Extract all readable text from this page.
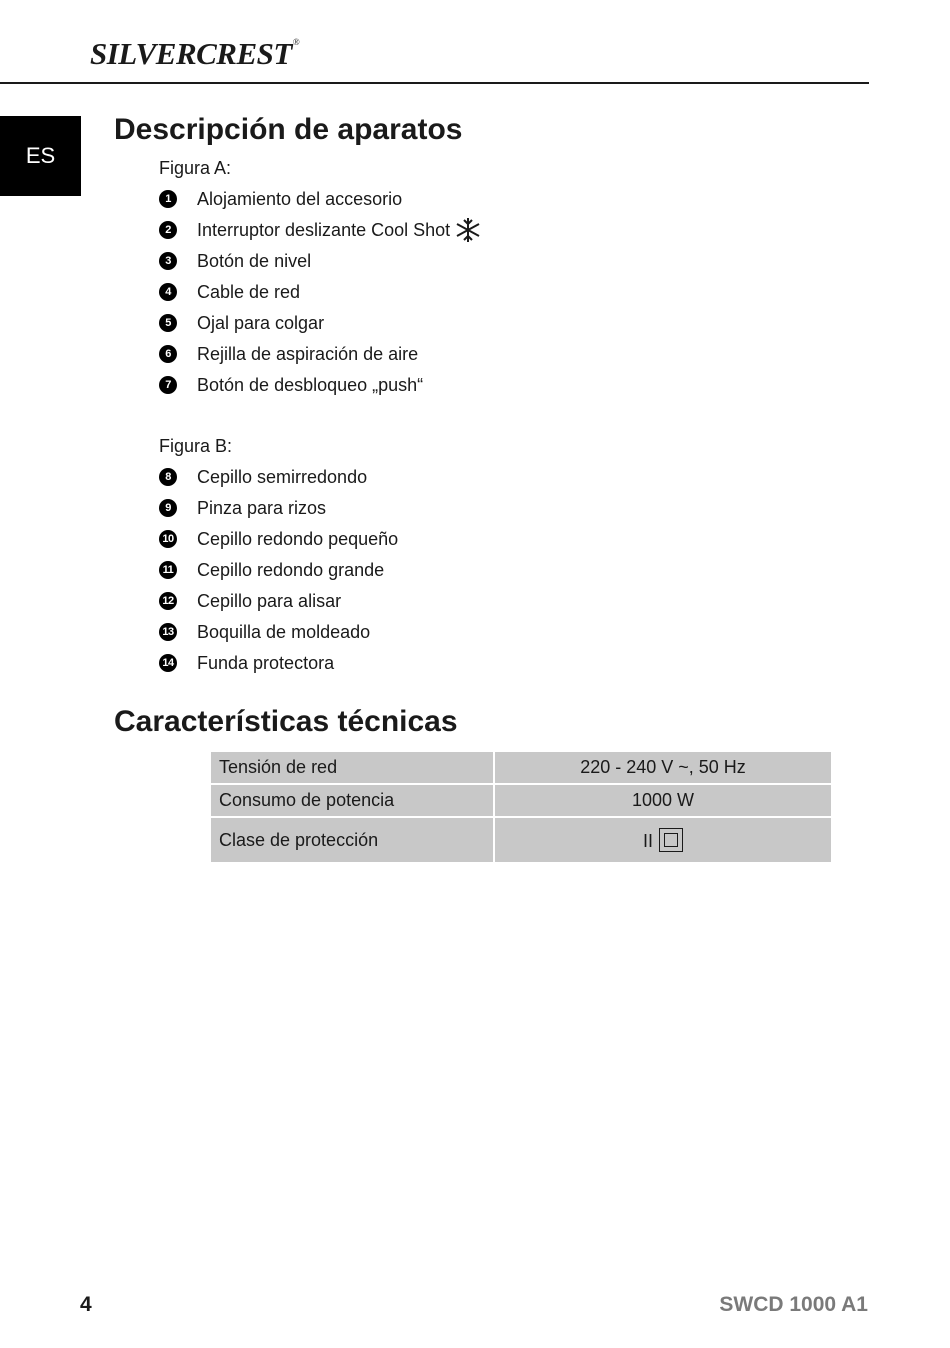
SILVERCREST®
ES
Descripción de aparatos
Figura A:
1	Alojamiento del accesorio
2	Interruptor deslizante Cool Shot
3	Botón de nivel
4	Cable de red
5	Ojal para colgar
6	Rejilla de aspiración de aire
7	Botón de desbloqueo „push“
Figura B:
8	Cepillo semirredondo
9	Pinza para rizos
10 Cepillo redondo pequeño
11 Cepillo redondo grande
12 Cepillo para alisar
13 Boquilla de moldeado
14 Funda protectora
Características técnicas
Tensión de red	220 - 240 V ~, 50 Hz
Consumo de potencia	1000 W
Clase de protección	II
4	SWCD 1000 A1
